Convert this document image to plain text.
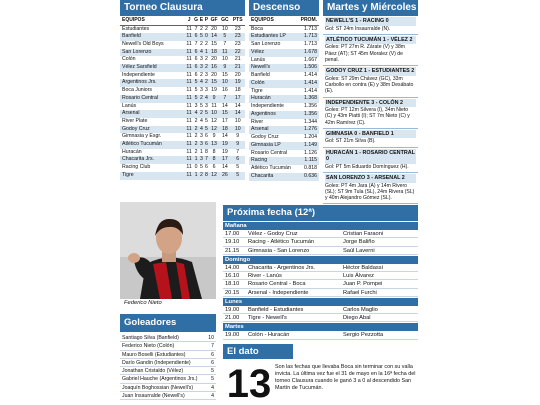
Torneo Clausura
EQUIPOS	J	G	E	P	GF	GC	PTS
Estudiantes	11	7	2	2	20	10	23
Banfield	11	6	5	0	14	5	23
Newell's Old Boys	11	7	2	2	15	7	23
San Lorenzo	11	6	4	1	18	11	22
Colón	11	6	3	2	20	10	21
Vélez Sarsfield	11	6	3	2	16	9	21
Independiente	11	6	2	3	20	15	20
Argentinos Jrs.	11	5	4	2	15	10	19
Boca Juniors	11	5	3	3	19	16	18
Rosario Central	11	5	2	4	9	7	17
Lanús	11	3	5	3	11	14	14
Arsenal	11	4	2	5	10	15	14
River Plate	11	2	4	5	12	17	10
Godoy Cruz	11	2	4	5	12	18	10
Gimnasia y Esgr.	11	2	3	6	9	14	9
Atlético Tucumán	11	2	3	6	13	19	9
Huracán	11	2	1	8	8	19	7
Chacarita Jrs.	11	1	3	7	8	17	6
Racing Club	11	0	5	6	6	14	5
Tigre	11	1	2	8	12	26	5
Descenso
EQUIPOS	PROM.
Boca	1.713
Estudiantes LP	1.713
San Lorenzo	1.713
Vélez	1.678
Lanús	1.667
Newell's	1.506
Banfield	1.414
Colón	1.414
Tigre	1.414
Huracán	1.368
Independiente	1.356
Argentinos	1.356
River	1.344
Arsenal	1.276
Godoy Cruz	1.204
Gimnasia LP	1.149
Rosario Central	1.126
Racing	1.115
Atlético Tucumán	0.818
Chacarita	0.636
Martes y Miércoles
NEWELL'S 1 - RACING 0
Gol: ST 24m Insaurralde (N).
ATLÉTICO TUCUMÁN 1 - VÉLEZ 2
Goles: PT 27m R. Zárate (V) y 38m Páez (AT); ST 45m Moralez (V) de penal.
GODOY CRUZ 1 - ESTUDIANTES 2
Goles: ST 29m Chávez (GC), 33m Carbollo en contra (E) y 38m Desábato (E).
INDEPENDIENTE 3 - COLÓN 2
Goles: PT 12m Silvera (I), 34m Nieto (C) y 43m Piatti (I); ST 7m Nieto (C) y 42m Ramírez (C).
GIMNASIA 0 - BANFIELD 1
Gol: ST 21m Silva (B).
HURACÁN 1 - ROSARIO CENTRAL 0
Gol: PT 5m Eduardo Domínguez (H).
SAN LORENZO 3 - ARSENAL 2
Goles: PT 4m Jara (A) y 14m Rivero (SL); ST 9m Tula (SL), 24m Rivera (SL) y 40m Alejandro Gómez (SL).
Federico Nieto
Goleadores
Santiago Silva (Banfield)	10
Federico Nieto (Colón)	7
Mauro Boselli (Estudiantes)	6
Darío Gandin (Independiente)	6
Jonathan Cristaldo (Vélez)	5
Gabriel Hauche (Argentinos Jrs.)	5
Joaquín Boghossian (Newell's)	4
Juan Insaurralde (Newell's)	4
Próxima fecha (12ª)
Mañana
17.00	Vélez - Godoy Cruz	Cristian Faraoni
19.10	Racing - Atlético Tucumán	Jorge Baliño
21.15	Gimnasia - San Lorenzo	Saúl Laverni
Domingo
14.00	Chacarita - Argentinos Jrs.	Héctor Baldassi
16.10	River - Lanús	Luis Álvarez
18.10	Rosario Central - Boca	Juan P. Pompei
20.15	Arsenal - Independiente	Rafael Furchi
Lunes
19.00	Banfield - Estudiantes	Carlos Maglio
21.00	Tigre - Newell's	Diego Abal
Martes
19.00	Colón - Huracán	Sergio Pezzotta
El dato
13 Son las fechas que llevaba Boca sin terminar con su valla invicta. La última vez fue el 31 de mayo en la 16ª fecha del torneo Clausura cuando le ganó 3 a 0 al descendido San Martín de Tucumán.
